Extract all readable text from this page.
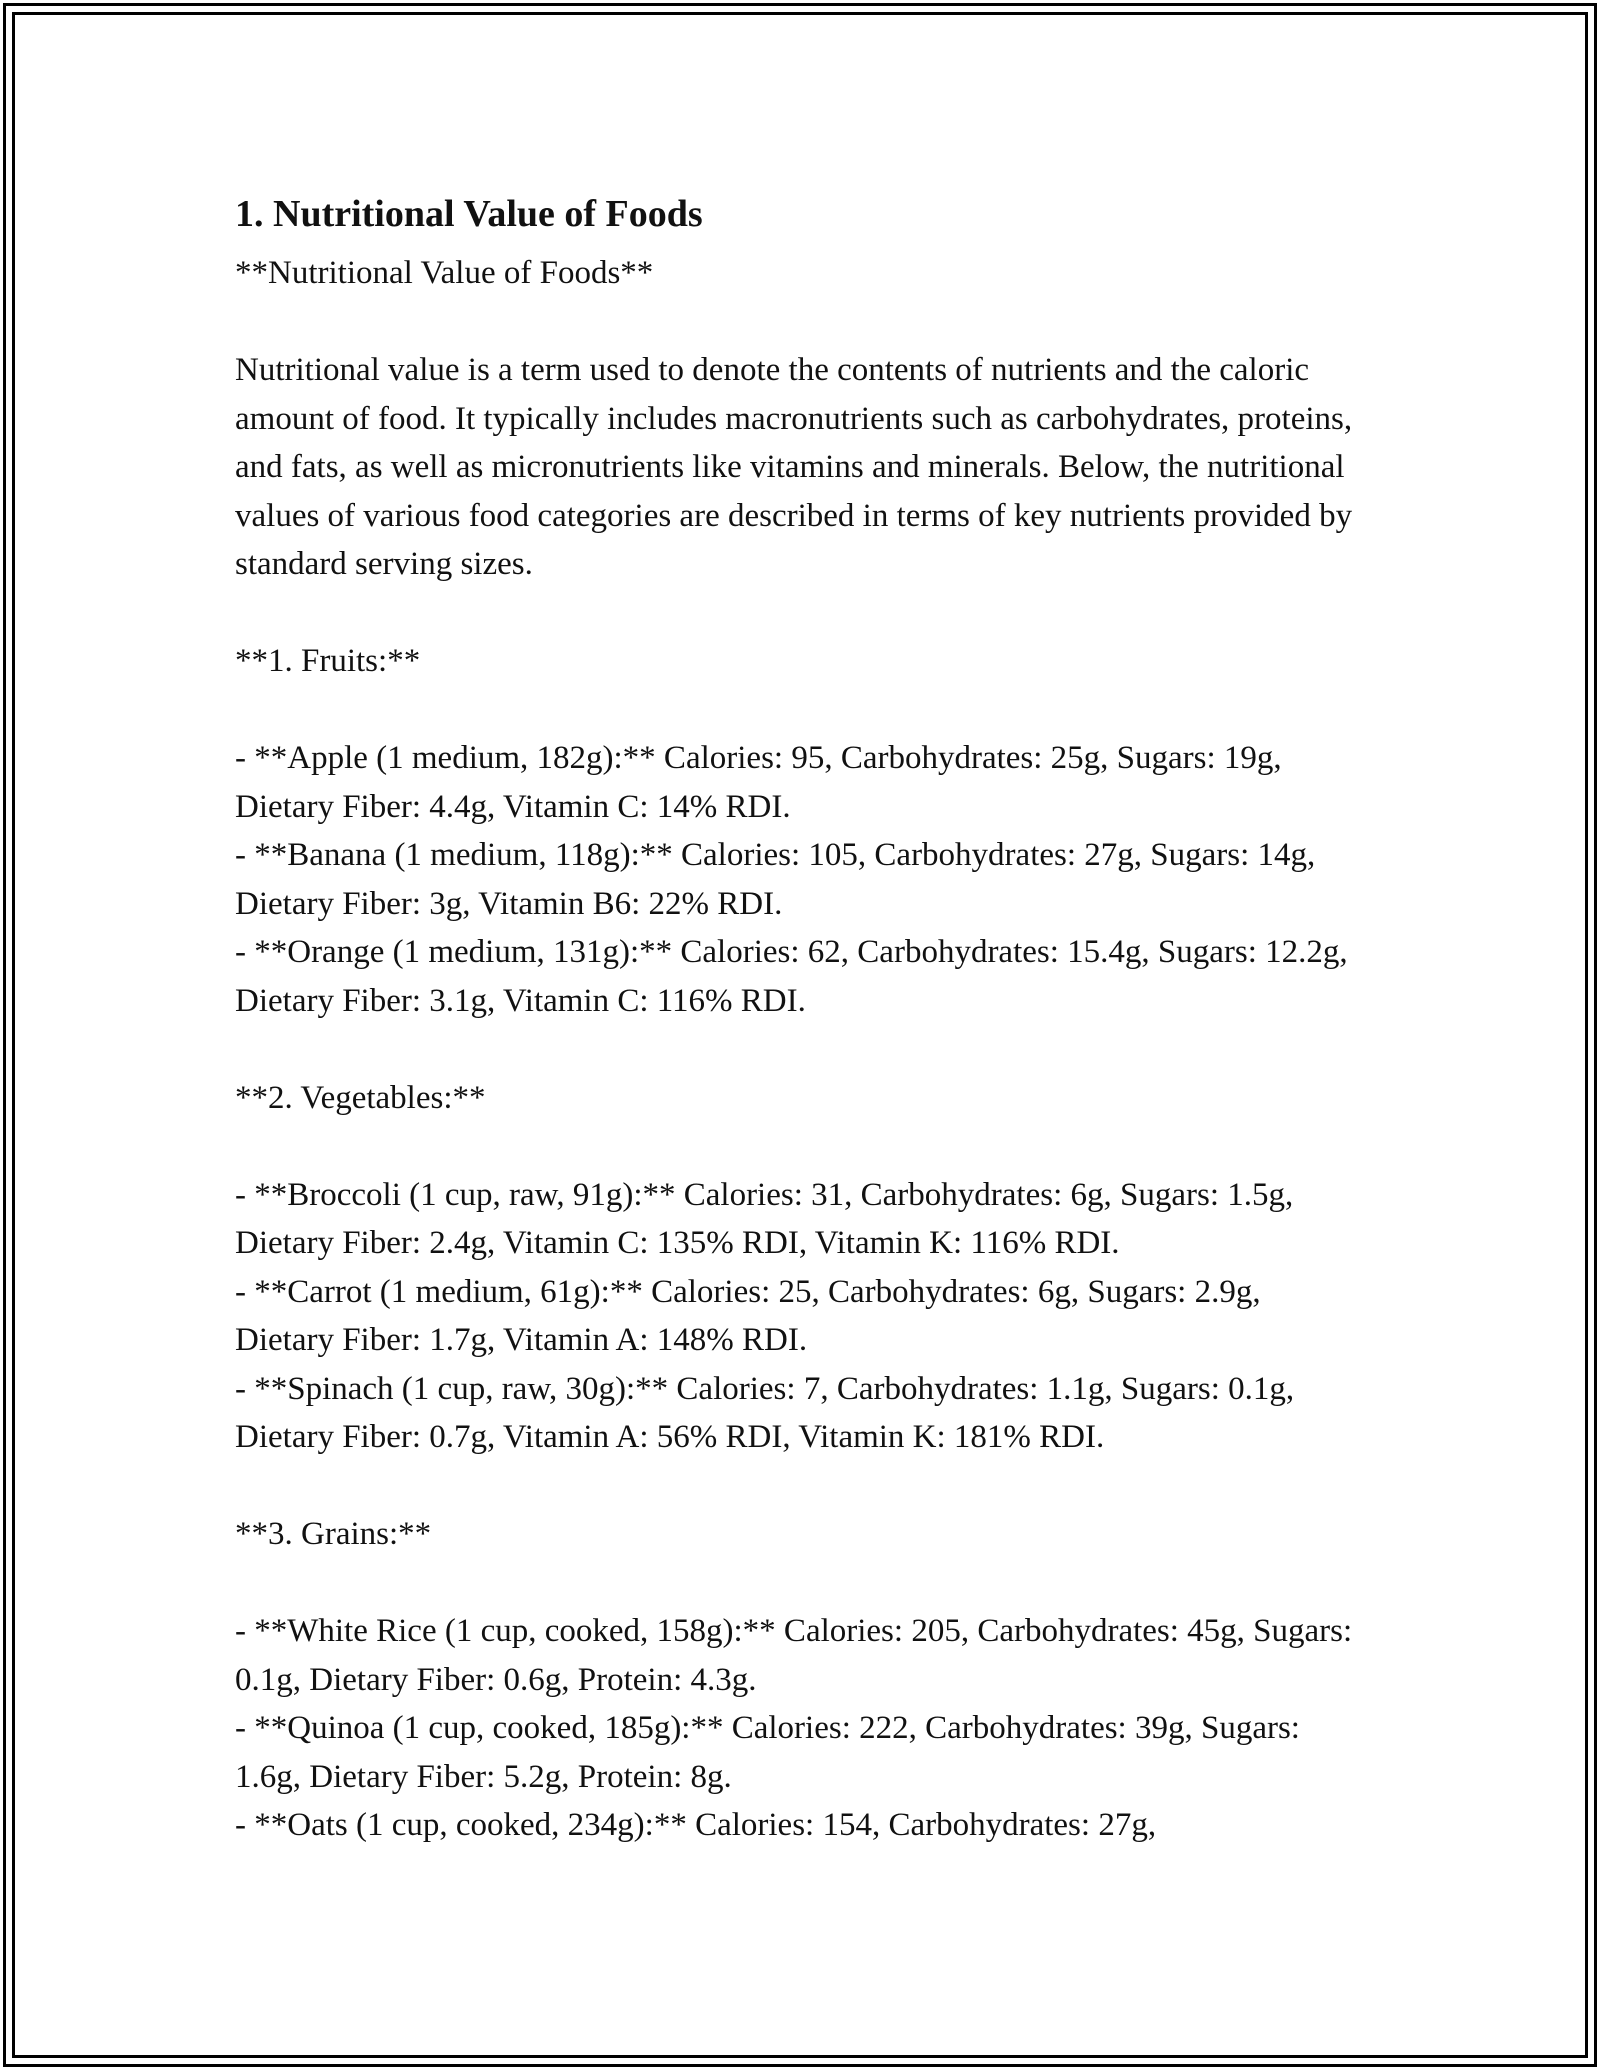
1. Nutritional Value of Foods

**Nutritional Value of Foods**

Nutritional value is a term used to denote the contents of nutrients and the caloric amount of food. It typically includes macronutrients such as carbohydrates, proteins, and fats, as well as micronutrients like vitamins and minerals. Below, the nutritional values of various food categories are described in terms of key nutrients provided by standard serving sizes.

**1. Fruits:**

- **Apple (1 medium, 182g):** Calories: 95, Carbohydrates: 25g, Sugars: 19g, Dietary Fiber: 4.4g, Vitamin C: 14% RDI.

- **Banana (1 medium, 118g):** Calories: 105, Carbohydrates: 27g, Sugars: 14g, Dietary Fiber: 3g, Vitamin B6: 22% RDI.

- **Orange (1 medium, 131g):** Calories: 62, Carbohydrates: 15.4g, Sugars: 12.2g, Dietary Fiber: 3.1g, Vitamin C: 116% RDI.

**2. Vegetables:**

- **Broccoli (1 cup, raw, 91g):** Calories: 31, Carbohydrates: 6g, Sugars: 1.5g, Dietary Fiber: 2.4g, Vitamin C: 135% RDI, Vitamin K: 116% RDI.

- **Carrot (1 medium, 61g):** Calories: 25, Carbohydrates: 6g, Sugars: 2.9g, Dietary Fiber: 1.7g, Vitamin A: 148% RDI.

- **Spinach (1 cup, raw, 30g):** Calories: 7, Carbohydrates: 1.1g, Sugars: 0.1g, Dietary Fiber: 0.7g, Vitamin A: 56% RDI, Vitamin K: 181% RDI.

**3. Grains:**

- **White Rice (1 cup, cooked, 158g):** Calories: 205, Carbohydrates: 45g, Sugars: 0.1g, Dietary Fiber: 0.6g, Protein: 4.3g.

- **Quinoa (1 cup, cooked, 185g):** Calories: 222, Carbohydrates: 39g, Sugars: 1.6g, Dietary Fiber: 5.2g, Protein: 8g.

- **Oats (1 cup, cooked, 234g):** Calories: 154, Carbohydrates: 27g,
